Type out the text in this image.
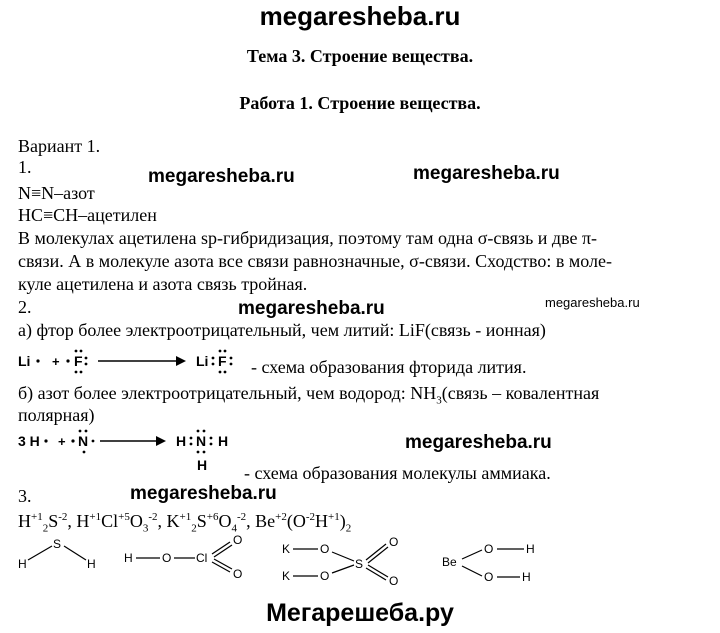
megaresheba.ru
Тема 3. Строение вещества.
Работа 1. Строение вещества.
Вариант 1.
1.	megaresheba.ru	megaresheba.ru
N≡N–азот
HC≡CH–ацетилен
В молекулах ацетилена sp-гибридизация, поэтому там одна σ-связь и две π-
связи. А в молекуле азота все связи равнозначные, σ-связи. Сходство: в моле-
куле ацетилена и азота связь тройная.
2.	megaresheba.ru	megaresheba.ru
а) фтор более электроотрицательный, чем литий: LiF(связь - ионная)
Li + F	Li F - схема образования фторида лития.
б) азот более электроотрицательный, чем водород: $NH_3(связь$ – ковалентная
полярная)
3 H + N	H N H
H
megaresheba.ru
- схема образования молекулы аммиака.
3.	megaresheba.ru
$H^{+1}_2S^{-2}$, $H^{+1}Cl^{+5}O_3^{-2}$, $K^{+1}_2S^{+6}O_4^{-2}$, $Be^{+2}(O^{-2}H^{+1})_2$
H
S
H H O Cl
O
O
K O
K O
S
O
O
Be
O
O
H
H
Мегарешеба.ру
